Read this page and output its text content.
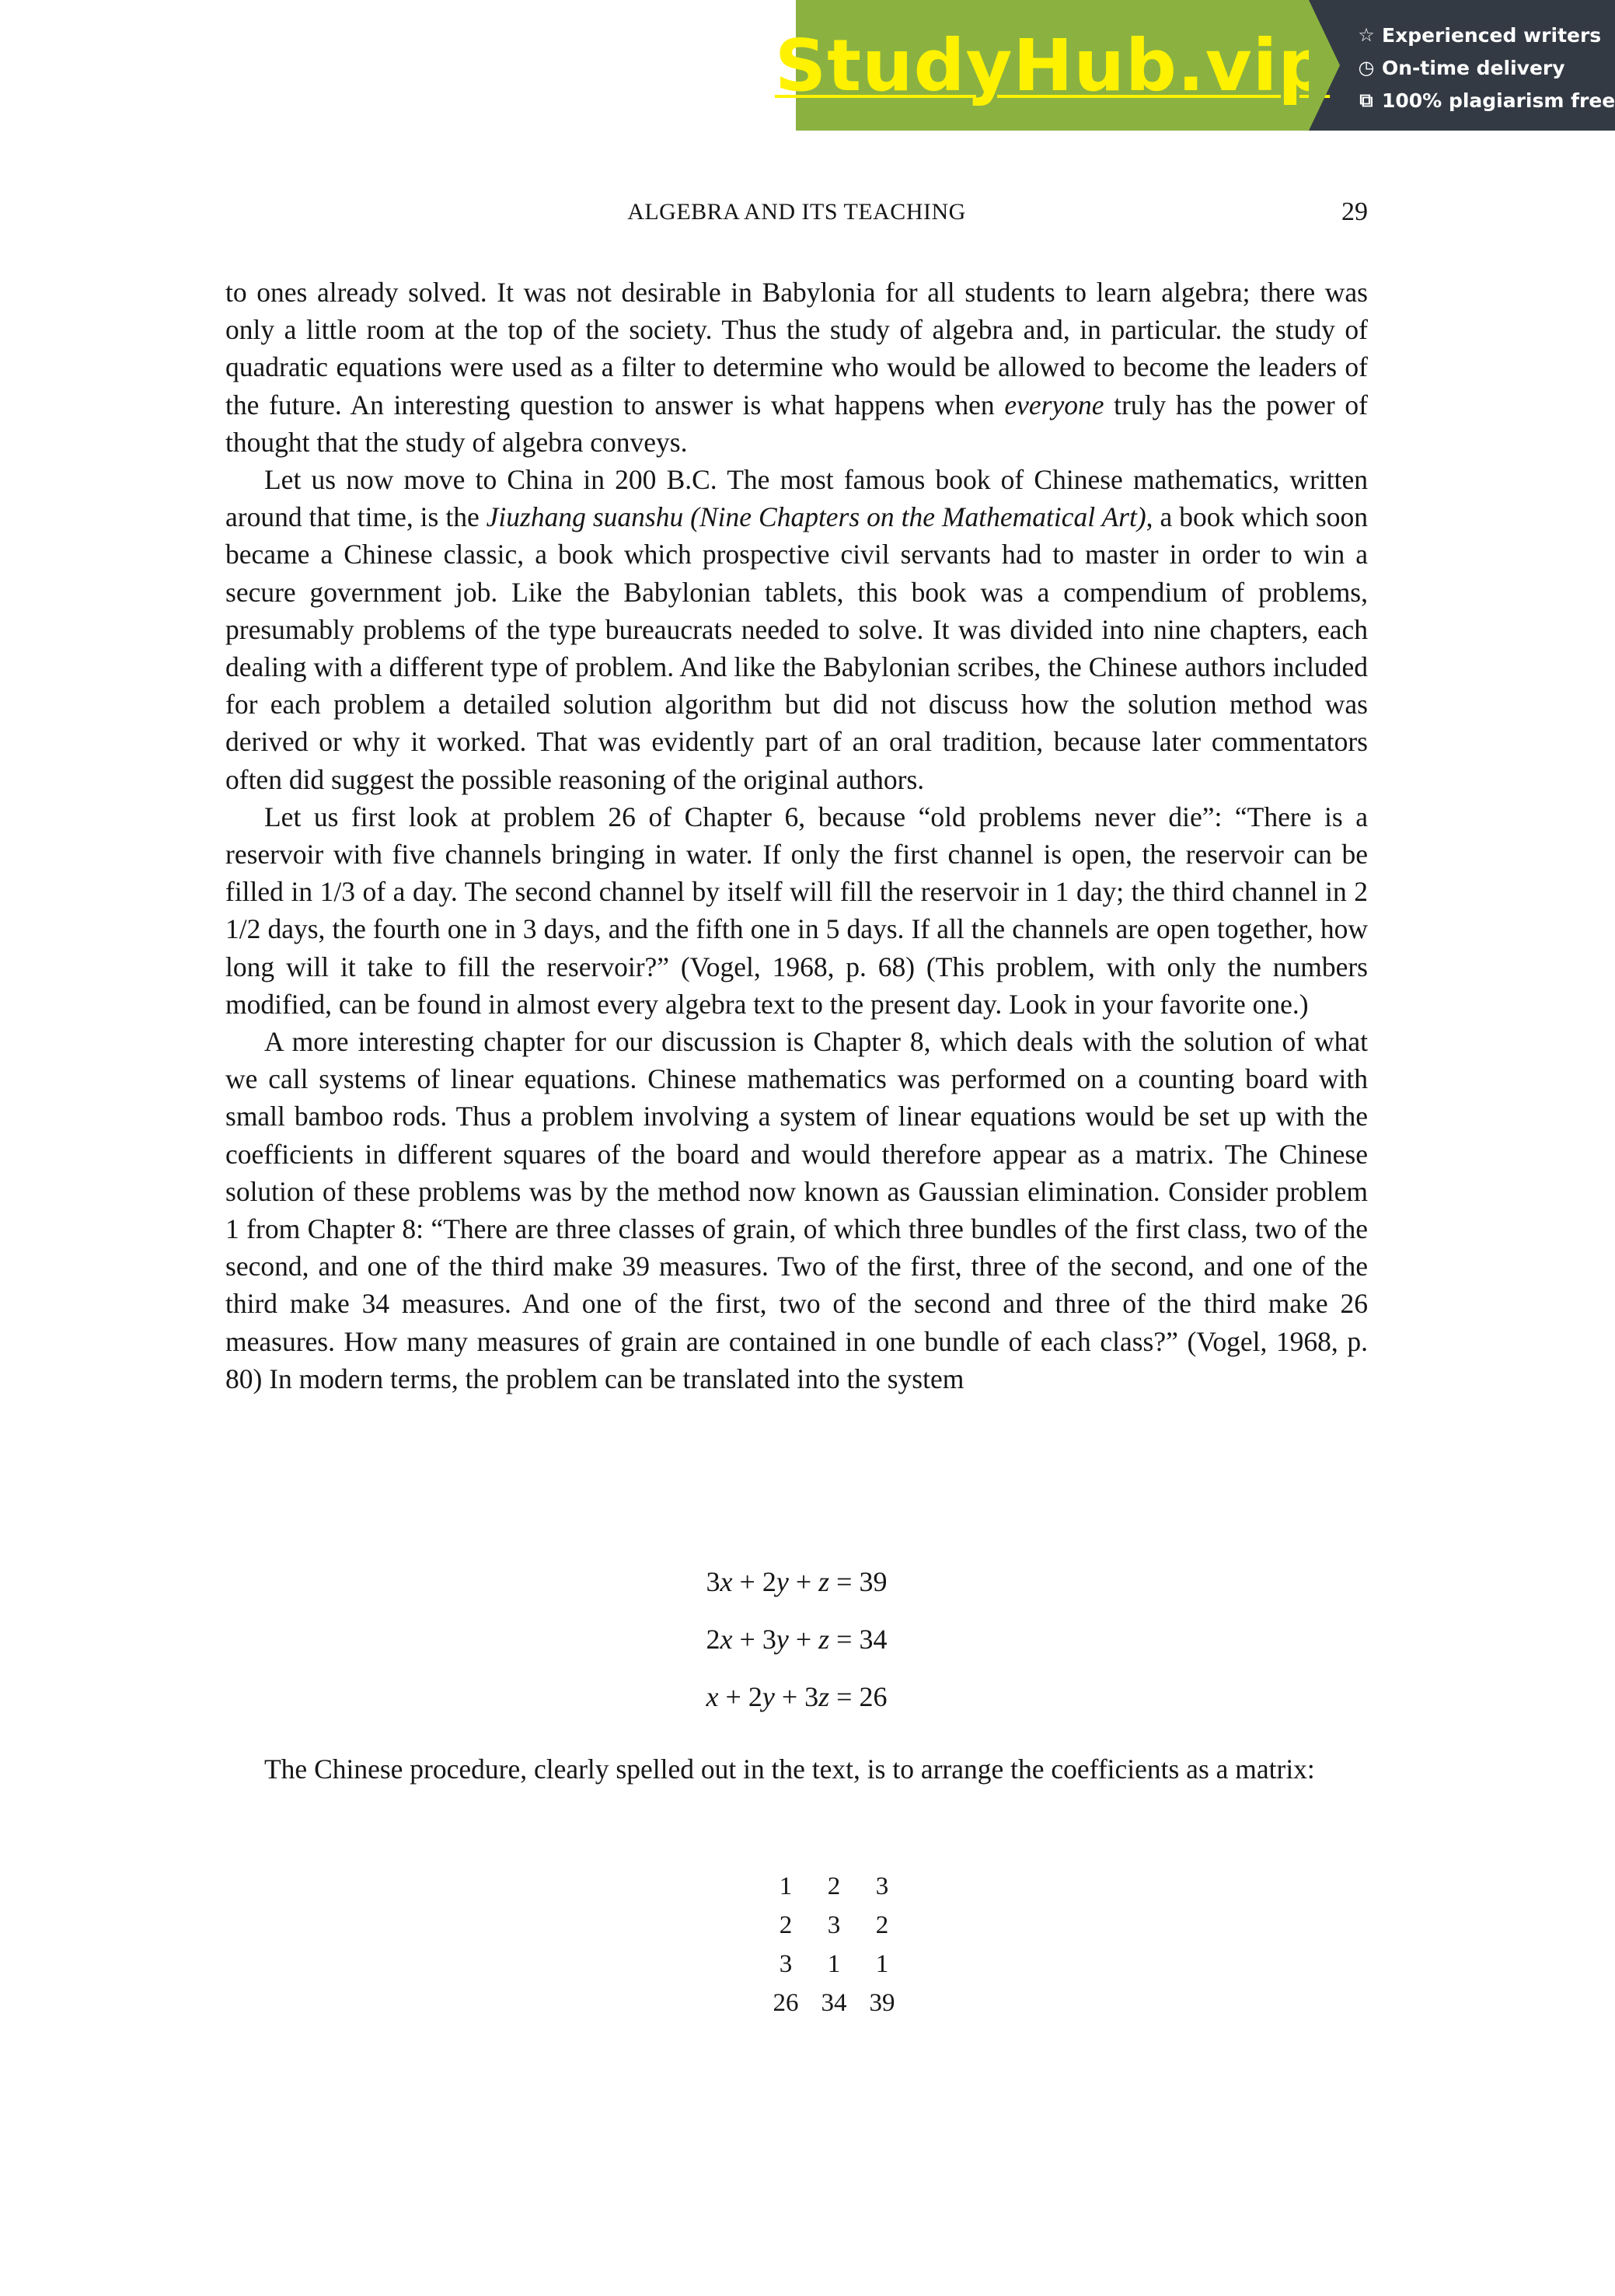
StudyHub.vip ☆ Experienced writers
◷ On-time delivery
⧉ 100% plagiarism free
ALGEBRA AND ITS TEACHING	29

to ones already solved. It was not desirable in Babylonia for all students to learn algebra; there was only a little room at the top of the society. Thus the study of algebra and, in particular. the study of quadratic equations were used as a filter to determine who would be allowed to become the leaders of the future. An interesting question to answer is what happens when everyone truly has the power of thought that the study of algebra conveys.

Let us now move to China in 200 B.C. The most famous book of Chinese mathematics, written around that time, is the Jiuzhang suanshu (Nine Chapters on the Mathematical Art), a book which soon became a Chinese classic, a book which prospective civil servants had to master in order to win a secure government job. Like the Babylonian tablets, this book was a compendium of problems, presumably problems of the type bureaucrats needed to solve. It was divided into nine chapters, each dealing with a different type of problem. And like the Babylonian scribes, the Chinese authors included for each problem a detailed solution algorithm but did not discuss how the solution method was derived or why it worked. That was evidently part of an oral tradition, because later commentators often did suggest the possible reasoning of the original authors.

Let us first look at problem 26 of Chapter 6, because “old problems never die”: “There is a reservoir with five channels bringing in water. If only the first channel is open, the reservoir can be filled in 1/3 of a day. The second channel by itself will fill the reservoir in 1 day; the third channel in 2 1/2 days, the fourth one in 3 days, and the fifth one in 5 days. If all the channels are open together, how long will it take to fill the reservoir?” (Vogel, 1968, p. 68) (This problem, with only the numbers modified, can be found in almost every algebra text to the present day. Look in your favorite one.)

A more interesting chapter for our discussion is Chapter 8, which deals with the solution of what we call systems of linear equations. Chinese mathematics was performed on a counting board with small bamboo rods. Thus a problem involving a system of linear equations would be set up with the coefficients in different squares of the board and would therefore appear as a matrix. The Chinese solution of these problems was by the method now known as Gaussian elimination. Consider problem 1 from Chapter 8: “There are three classes of grain, of which three bundles of the first class, two of the second, and one of the third make 39 measures. Two of the first, three of the second, and one of the third make 34 measures. And one of the first, two of the second and three of the third make 26 measures. How many measures of grain are contained in one bundle of each class?” (Vogel, 1968, p. 80) In modern terms, the problem can be translated into the system

3x + 2y + z = 39
2x + 3y + z = 34
x + 2y + 3z = 26

The Chinese procedure, clearly spelled out in the text, is to arrange the coefficients as a matrix:

1	2	3
2	3	2
3	1	1
26	34	39
